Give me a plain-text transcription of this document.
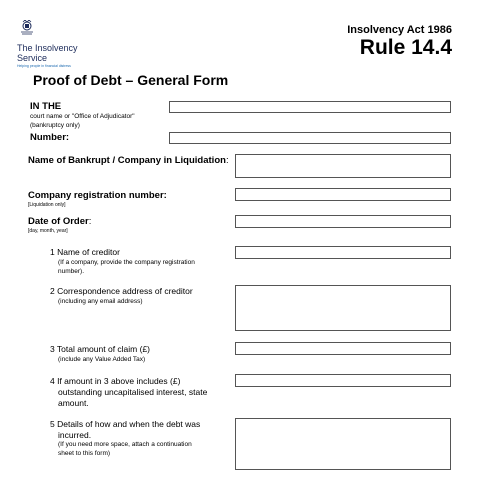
The Insolvency
Service
Helping people in financial distress
Insolvency Act 1986
Rule 14.4
Proof of Debt – General Form
IN THE
court name or "Office of Adjudicator"
(bankruptcy only)
Number:
Name of Bankrupt / Company in Liquidation:
Company registration number:
[Liquidation only]
Date of Order:
[day, month, year]
1 Name of creditor
(If a company, provide the company registration
number).
2 Correspondence address of creditor
(including any email address)
3 Total amount of claim (£)
(include any Value Added Tax)
4 If amount in 3 above includes (£)
outstanding uncapitalised interest, state
amount.
5 Details of how and when the debt was
incurred.
(If you need more space, attach a continuation
sheet to this form)
